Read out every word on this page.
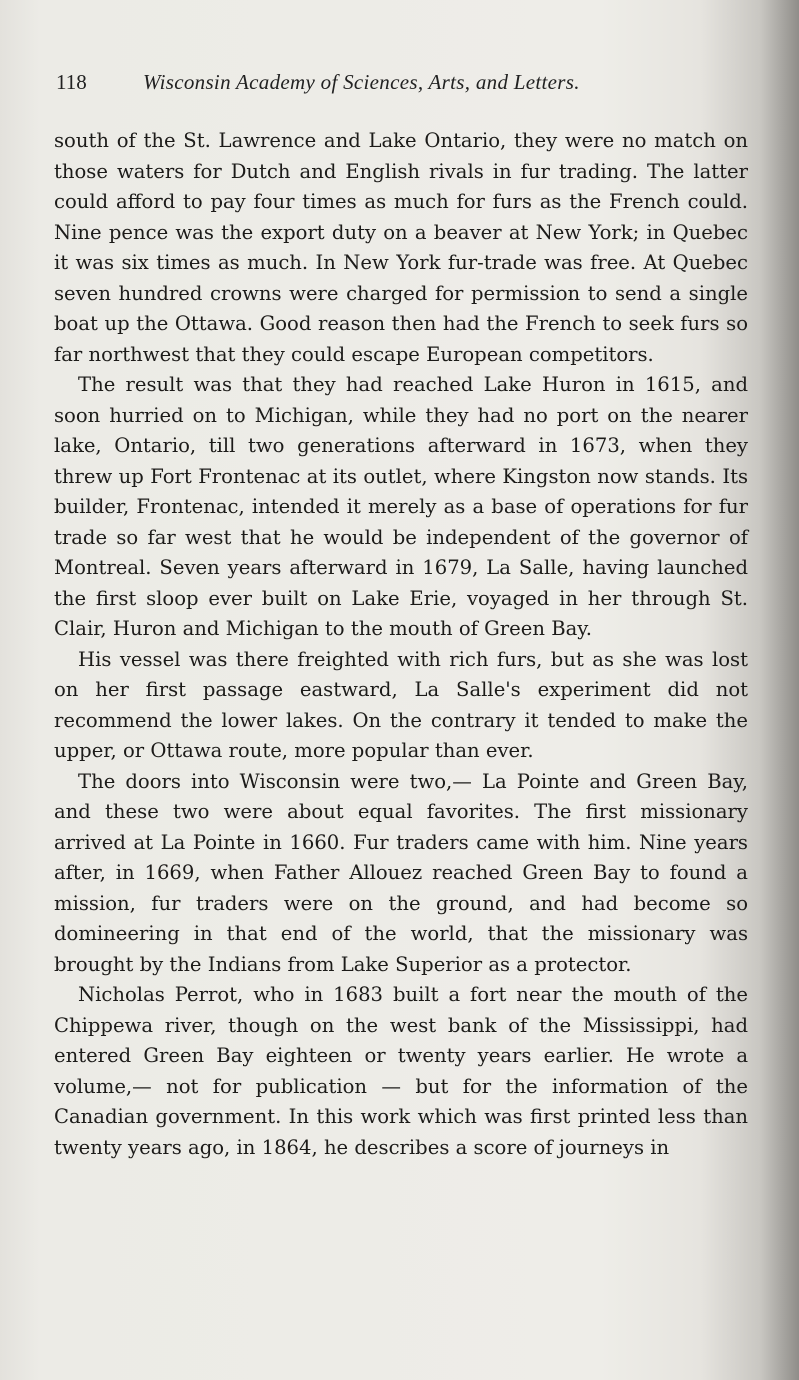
118	Wisconsin Academy of Sciences, Arts, and Letters.

south of the St. Lawrence and Lake Ontario, they were no match on those waters for Dutch and English rivals in fur trading. The latter could afford to pay four times as much for furs as the French could. Nine pence was the export duty on a beaver at New York; in Quebec it was six times as much. In New York fur-trade was free. At Quebec seven hundred crowns were charged for permission to send a single boat up the Ottawa. Good reason then had the French to seek furs so far northwest that they could escape European competitors.

The result was that they had reached Lake Huron in 1615, and soon hurried on to Michigan, while they had no port on the nearer lake, Ontario, till two generations afterward in 1673, when they threw up Fort Frontenac at its outlet, where Kingston now stands. Its builder, Frontenac, intended it merely as a base of operations for fur trade so far west that he would be independent of the governor of Montreal. Seven years afterward in 1679, La Salle, having launched the first sloop ever built on Lake Erie, voyaged in her through St. Clair, Huron and Michigan to the mouth of Green Bay.

His vessel was there freighted with rich furs, but as she was lost on her first passage eastward, La Salle's experiment did not recommend the lower lakes. On the contrary it tended to make the upper, or Ottawa route, more popular than ever.

The doors into Wisconsin were two,— La Pointe and Green Bay, and these two were about equal favorites. The first missionary arrived at La Pointe in 1660. Fur traders came with him. Nine years after, in 1669, when Father Allouez reached Green Bay to found a mission, fur traders were on the ground, and had become so domineering in that end of the world, that the missionary was brought by the Indians from Lake Superior as a protector.

Nicholas Perrot, who in 1683 built a fort near the mouth of the Chippewa river, though on the west bank of the Mississippi, had entered Green Bay eighteen or twenty years earlier. He wrote a volume,— not for publication — but for the information of the Canadian government. In this work which was first printed less than twenty years ago, in 1864, he describes a score of journeys in
